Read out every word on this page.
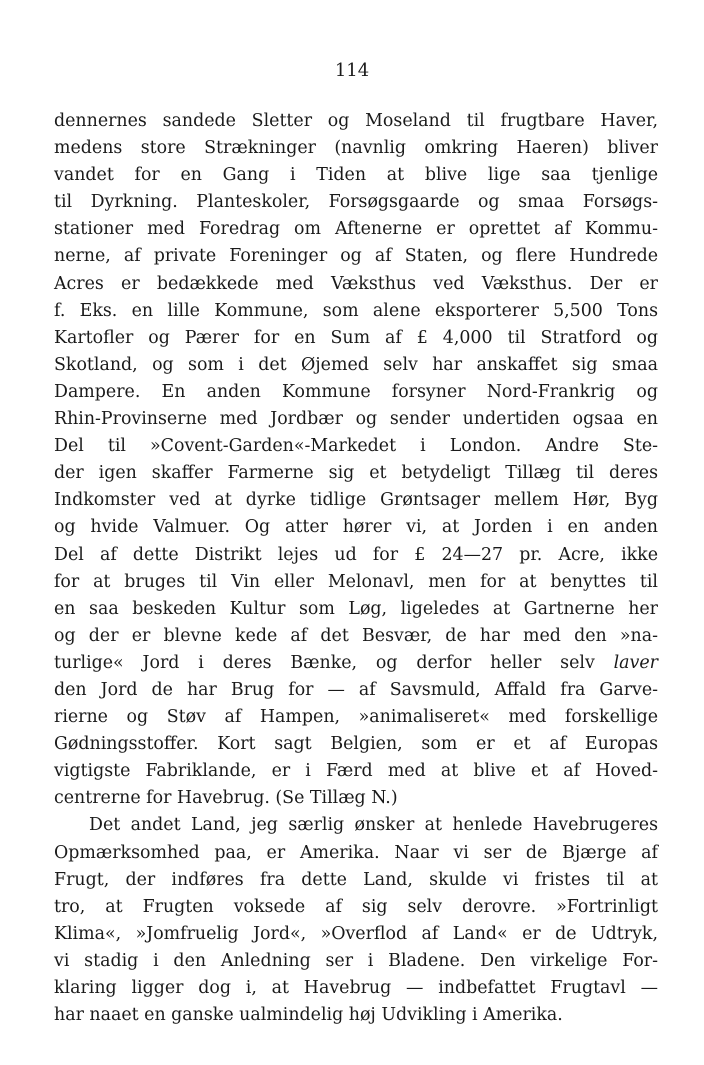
114
dennernes sandede Sletter og Moseland til frugtbare Haver,
medens store Strækninger (navnlig omkring Haeren) bliver
vandet for en Gang i Tiden at blive lige saa tjenlige
til Dyrkning. Planteskoler, Forsøgsgaarde og smaa Forsøgs-
stationer med Foredrag om Aftenerne er oprettet af Kommu-
nerne, af private Foreninger og af Staten, og flere Hundrede
Acres er bedækkede med Væksthus ved Væksthus. Der er
f. Eks. en lille Kommune, som alene eksporterer 5,500 Tons
Kartofler og Pærer for en Sum af £ 4,000 til Stratford og
Skotland, og som i det Øjemed selv har anskaffet sig smaa
Dampere. En anden Kommune forsyner Nord-Frankrig og
Rhin-Provinserne med Jordbær og sender undertiden ogsaa en
Del til »Covent-Garden«-Markedet i London. Andre Ste-
der igen skaffer Farmerne sig et betydeligt Tillæg til deres
Indkomster ved at dyrke tidlige Grøntsager mellem Hør, Byg
og hvide Valmuer. Og atter hører vi, at Jorden i en anden
Del af dette Distrikt lejes ud for £ 24—27 pr. Acre, ikke
for at bruges til Vin eller Melonavl, men for at benyttes til
en saa beskeden Kultur som Løg, ligeledes at Gartnerne her
og der er blevne kede af det Besvær, de har med den »na-
turlige« Jord i deres Bænke, og derfor heller selv laver
den Jord de har Brug for — af Savsmuld, Affald fra Garve-
rierne og Støv af Hampen, »animaliseret« med forskellige
Gødningsstoffer. Kort sagt Belgien, som er et af Europas
vigtigste Fabriklande, er i Færd med at blive et af Hoved-
centrerne for Havebrug. (Se Tillæg N.)
Det andet Land, jeg særlig ønsker at henlede Havebrugeres
Opmærksomhed paa, er Amerika. Naar vi ser de Bjærge af
Frugt, der indføres fra dette Land, skulde vi fristes til at
tro, at Frugten voksede af sig selv derovre. »Fortrinligt
Klima«, »Jomfruelig Jord«, »Overflod af Land« er de Udtryk,
vi stadig i den Anledning ser i Bladene. Den virkelige For-
klaring ligger dog i, at Havebrug — indbefattet Frugtavl —
har naaet en ganske ualmindelig høj Udvikling i Amerika.
